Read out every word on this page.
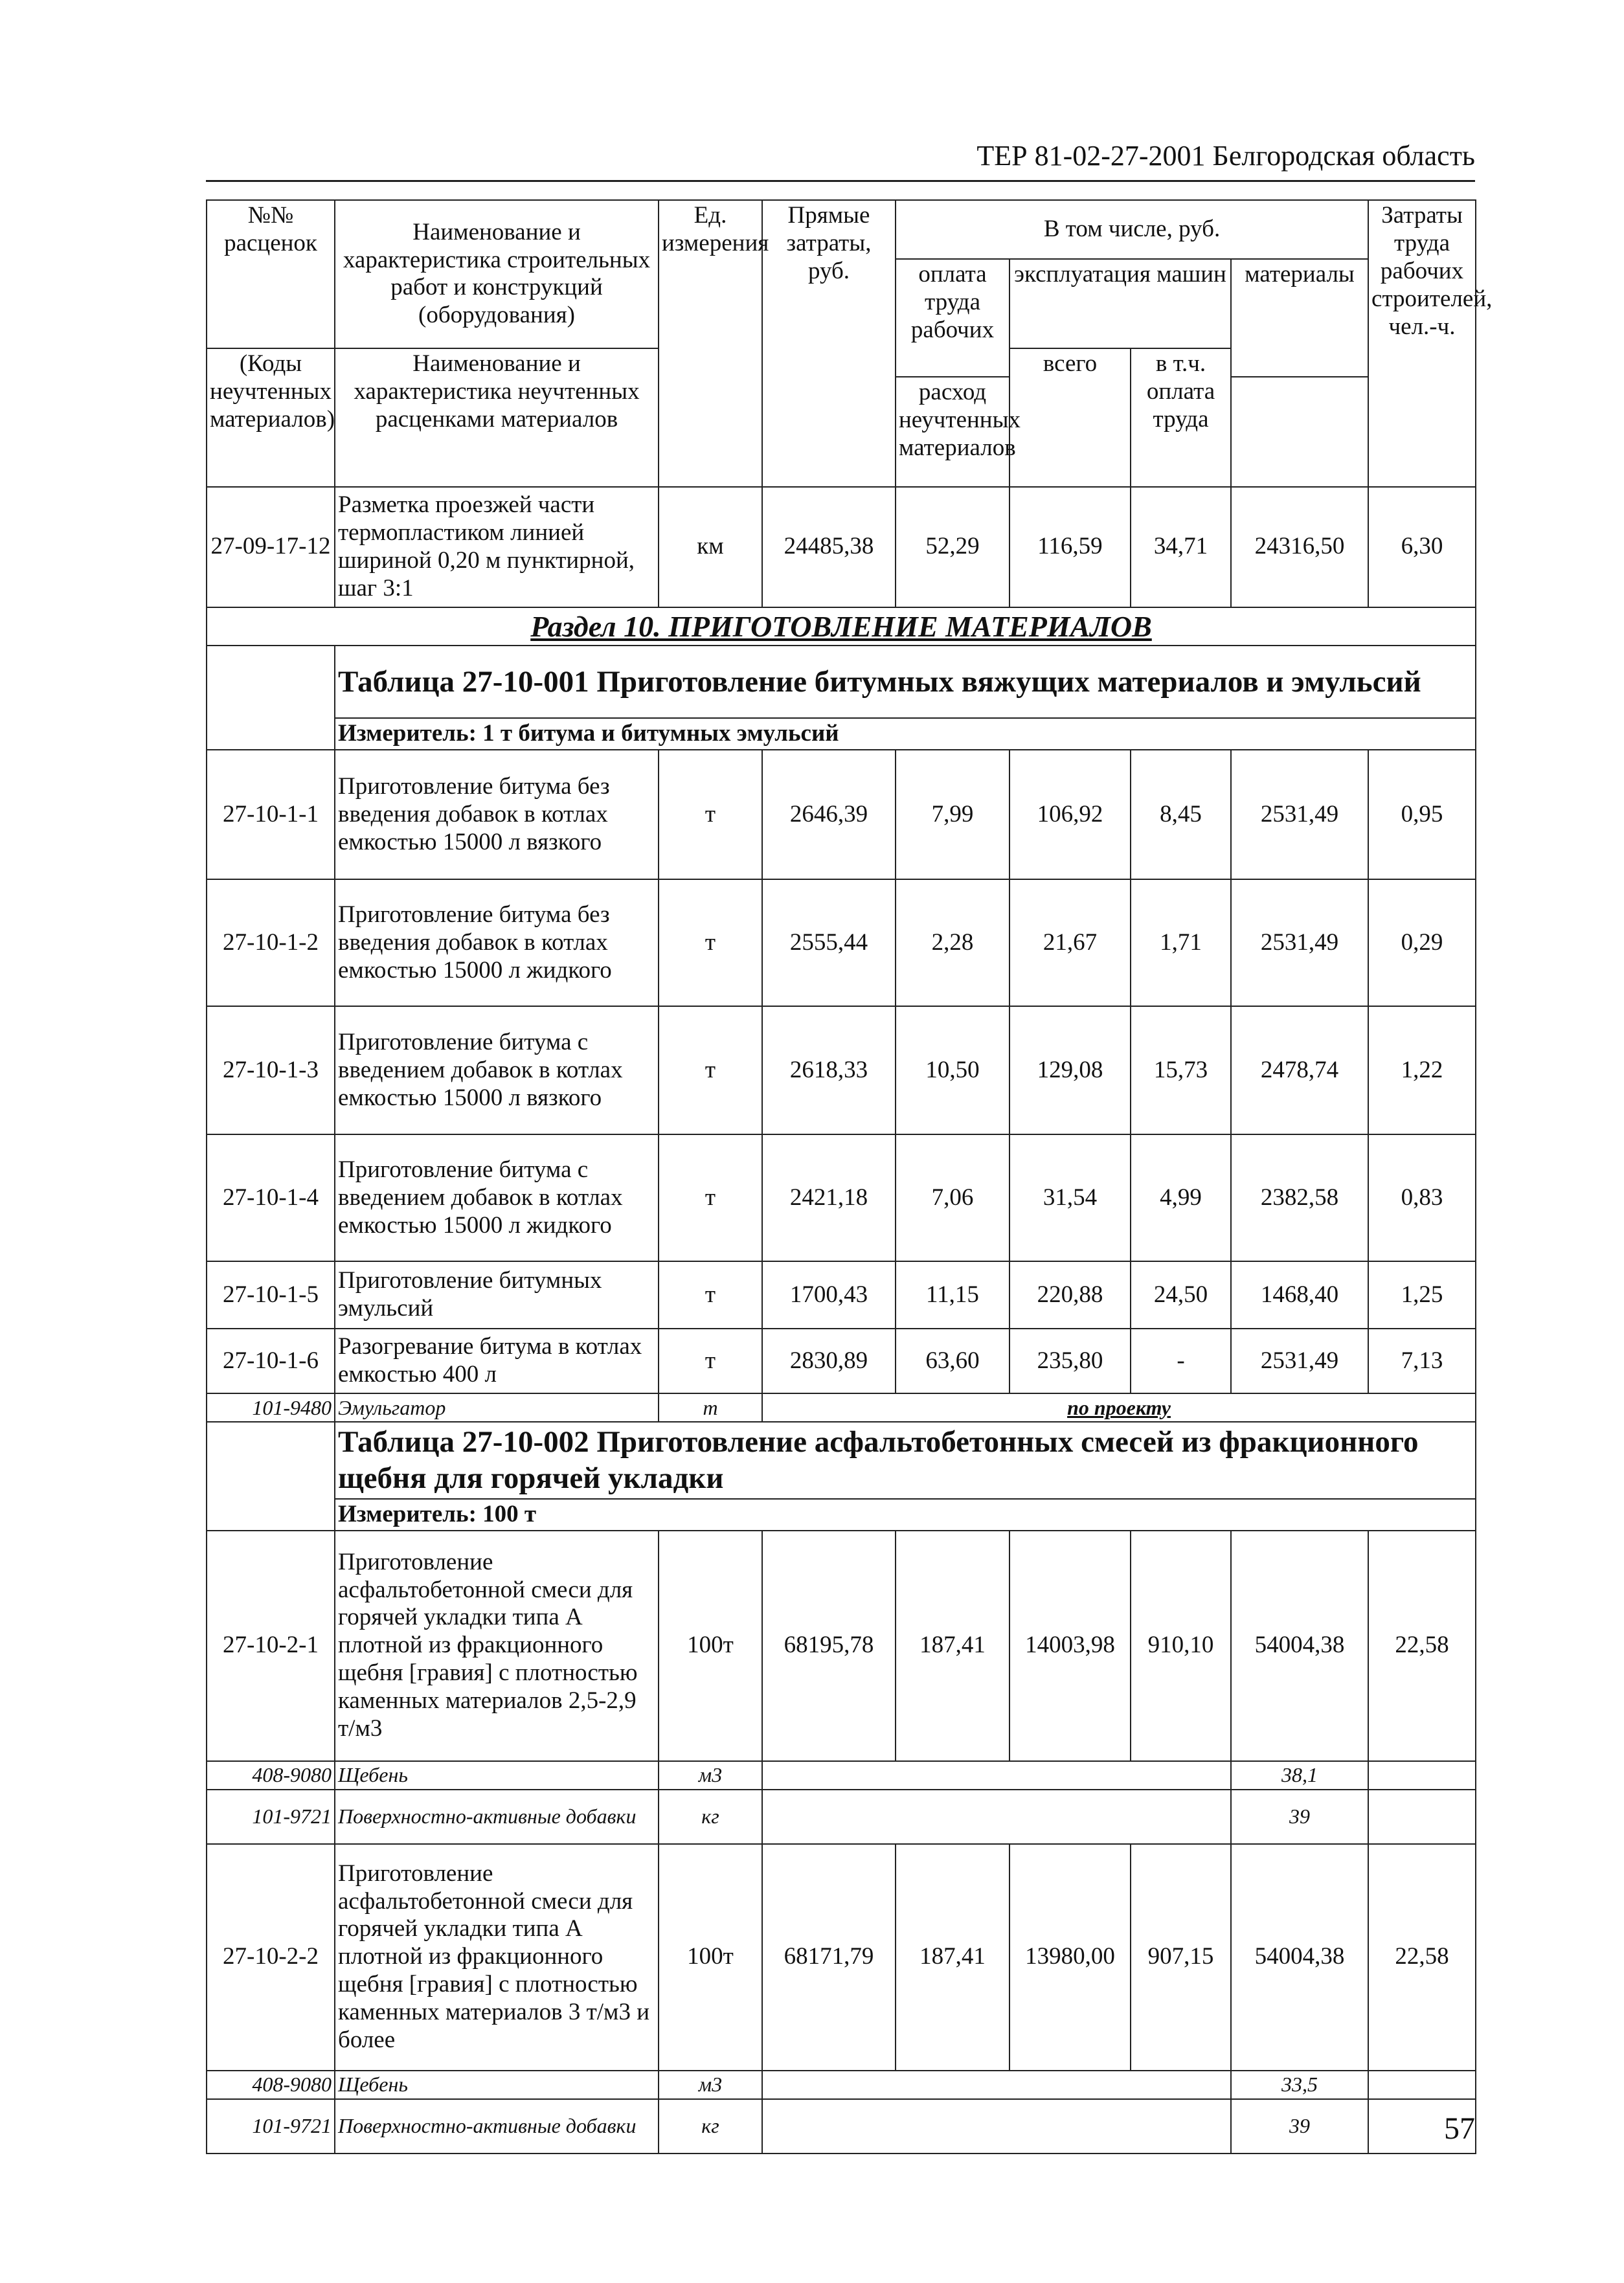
ТЕР 81-02-27-2001 Белгородская область
№№ расценок	Наименование и характеристика строительных работ и конструкций (оборудования)	Ед. измерения	Прямые затраты, руб.	В том числе, руб.				Затраты труда рабочих строителей, чел.-ч.
				оплата труда рабочих	эксплуатация машин		материалы	

(Коды неучтенных материалов)	Наименование и характеристика неучтенных расценками материалов				всего	в т.ч. оплата труда		
				расход неучтенных материалов				

27-09-17-12	Разметка проезжей части термопластиком линией шириной 0,20 м пунктирной, шаг 3:1	км	24485,38	52,29	116,59	34,71	24316,50	6,30
Раздел 10. ПРИГОТОВЛЕНИЕ МАТЕРИАЛОВ								
	Таблица 27-10-001 Приготовление битумных вяжущих материалов и эмульсий							
	Измеритель: 1 т битума и битумных эмульсий							
27-10-1-1	Приготовление битума без введения добавок в котлах емкостью 15000 л вязкого	т	2646,39	7,99	106,92	8,45	2531,49	0,95
27-10-1-2	Приготовление битума без введения добавок в котлах емкостью 15000 л жидкого	т	2555,44	2,28	21,67	1,71	2531,49	0,29
27-10-1-3	Приготовление битума с введением добавок в котлах емкостью 15000 л вязкого	т	2618,33	10,50	129,08	15,73	2478,74	1,22
27-10-1-4	Приготовление битума с введением добавок в котлах емкостью 15000 л жидкого	т	2421,18	7,06	31,54	4,99	2382,58	0,83
27-10-1-5	Приготовление битумных эмульсий	т	1700,43	11,15	220,88	24,50	1468,40	1,25
27-10-1-6	Разогревание битума в котлах емкостью 400 л	т	2830,89	63,60	235,80	-	2531,49	7,13
101-9480	Эмульгатор	т	по проекту					
	Таблица 27-10-002 Приготовление асфальтобетонных смесей из фракционного щебня для горячей укладки							
	Измеритель: 100 т							
27-10-2-1	Приготовление асфальтобетонной смеси для горячей укладки типа А плотной из фракционного щебня [гравия] с плотностью каменных материалов 2,5-2,9 т/м3	100т	68195,78	187,41	14003,98	910,10	54004,38	22,58
408-9080	Щебень	м3					38,1	
101-9721	Поверхностно-активные добавки	кг					39	
27-10-2-2	Приготовление асфальтобетонной смеси для горячей укладки типа А плотной из фракционного щебня [гравия] с плотностью каменных материалов 3 т/м3 и более	100т	68171,79	187,41	13980,00	907,15	54004,38	22,58
408-9080	Щебень	м3					33,5	
101-9721	Поверхностно-активные добавки	кг					39		57
